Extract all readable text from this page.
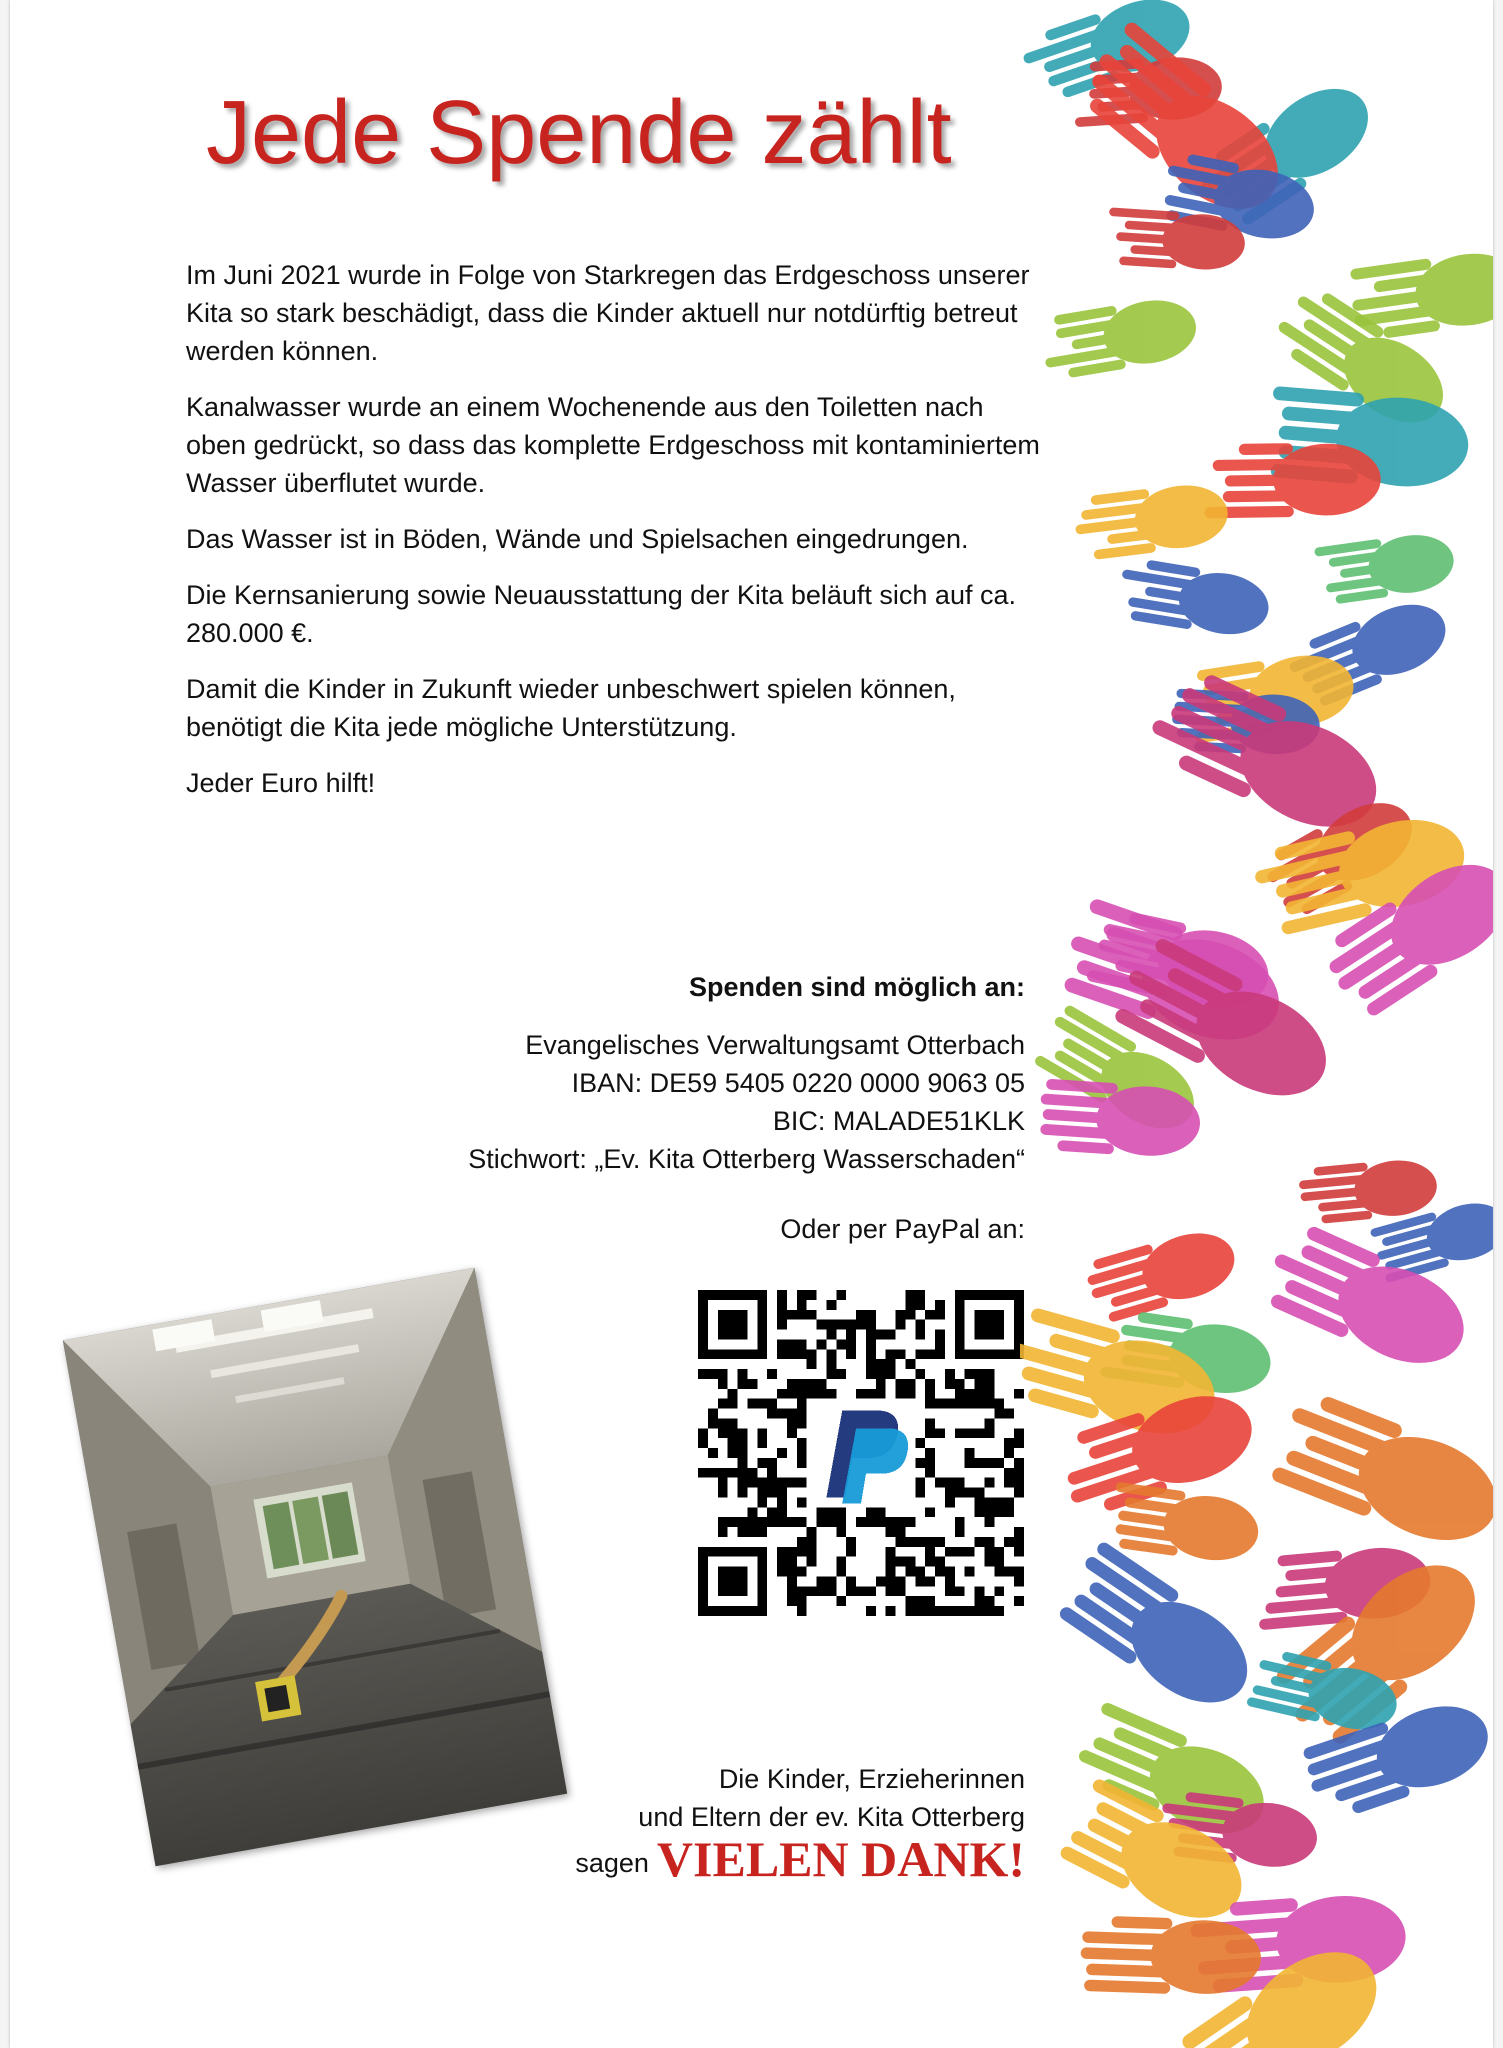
Jede Spende zählt

Im Juni 2021 wurde in Folge von Starkregen das Erdgeschoss unserer Kita so stark beschädigt, dass die Kinder aktuell nur notdürftig betreut werden können.

Kanalwasser wurde an einem Wochenende aus den Toiletten nach oben gedrückt, so dass das komplette Erdgeschoss mit kontaminiertem Wasser überflutet wurde.

Das Wasser ist in Böden, Wände und Spielsachen eingedrungen.

Die Kernsanierung sowie Neuausstattung der Kita beläuft sich auf ca. 280.000 €.

Damit die Kinder in Zukunft wieder unbeschwert spielen können, benötigt die Kita jede mögliche Unterstützung.

Jeder Euro hilft!

Spenden sind möglich an:
Evangelisches Verwaltungsamt Otterbach
IBAN: DE59 5405 0220 0000 9063 05
BIC: MALADE51KLK
Stichwort: „Ev. Kita Otterberg Wasserschaden“
Oder per PayPal an:
Die Kinder, Erzieherinnen
und Eltern der ev. Kita Otterberg
sagen VIELEN DANK!
